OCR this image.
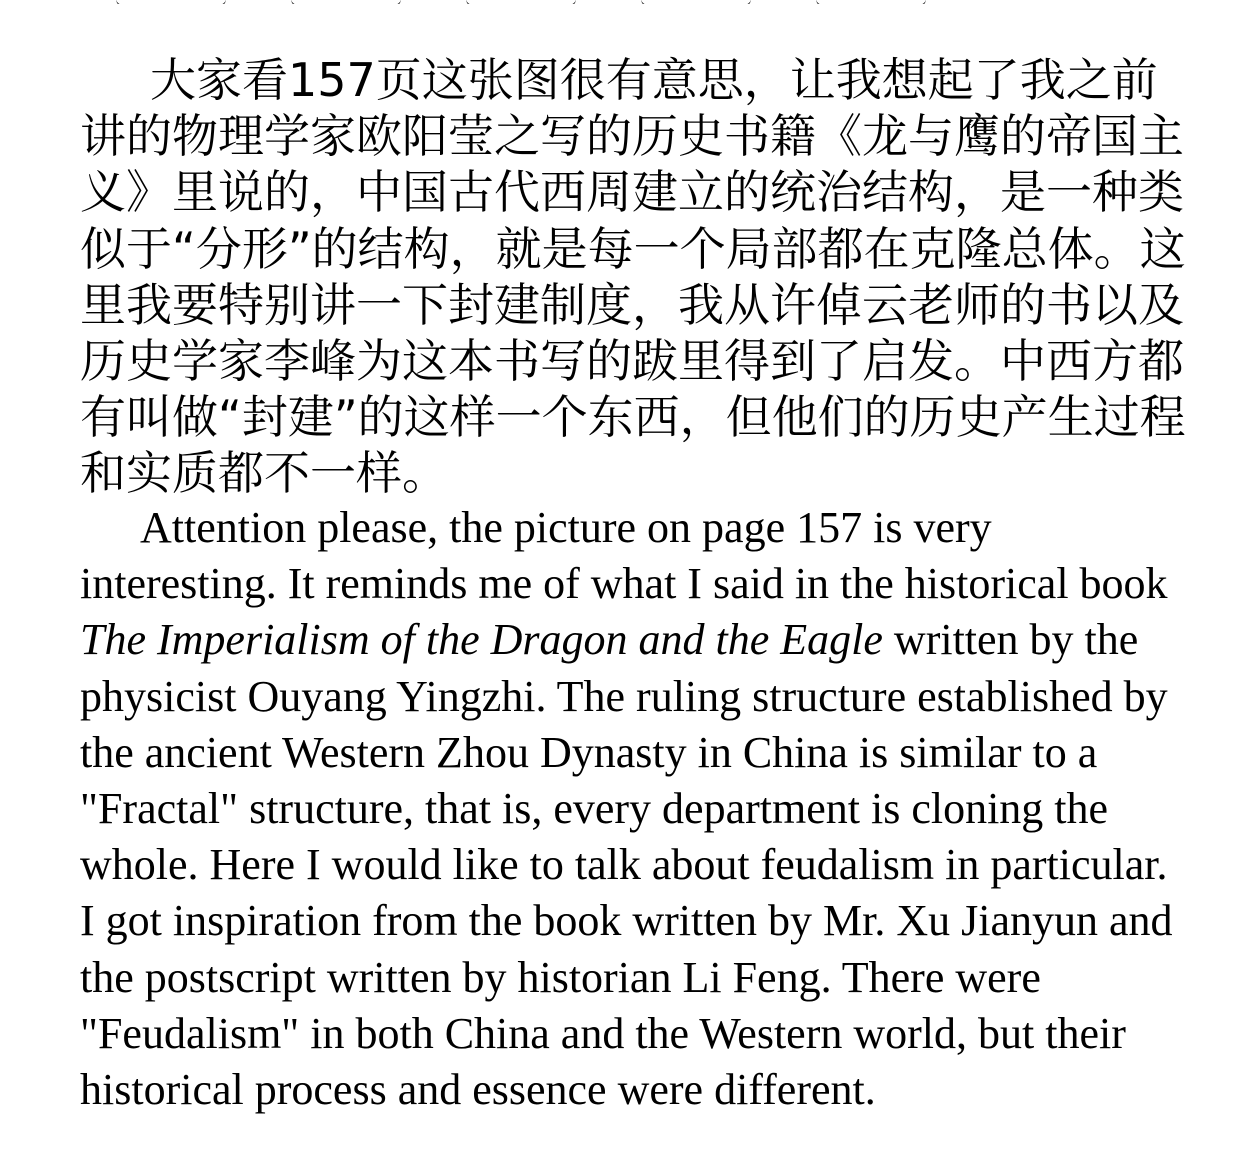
大家看157页这张图很有意思，让我想起了我之前讲的物理学家欧阳莹之写的历史书籍《龙与鹰的帝国主义》里说的，中国古代西周建立的统治结构，是一种类似于“分形”的结构，就是每一个局部都在克隆总体。这里我要特别讲一下封建制度，我从许倬云老师的书以及历史学家李峰为这本书写的跋里得到了启发。中西方都有叫做“封建”的这样一个东西，但他们的历史产生过程和实质都不一样。

Attention please, the picture on page 157 is very interesting. It reminds me of what I said in the historical book The Imperialism of the Dragon and the Eagle written by the physicist Ouyang Yingzhi. The ruling structure established by the ancient Western Zhou Dynasty in China is similar to a "Fractal" structure, that is, every department is cloning the whole. Here I would like to talk about feudalism in particular. I got inspiration from the book written by Mr. Xu Jianyun and the postscript written by historian Li Feng. There were "Feudalism" in both China and the Western world, but their historical process and essence were different.
